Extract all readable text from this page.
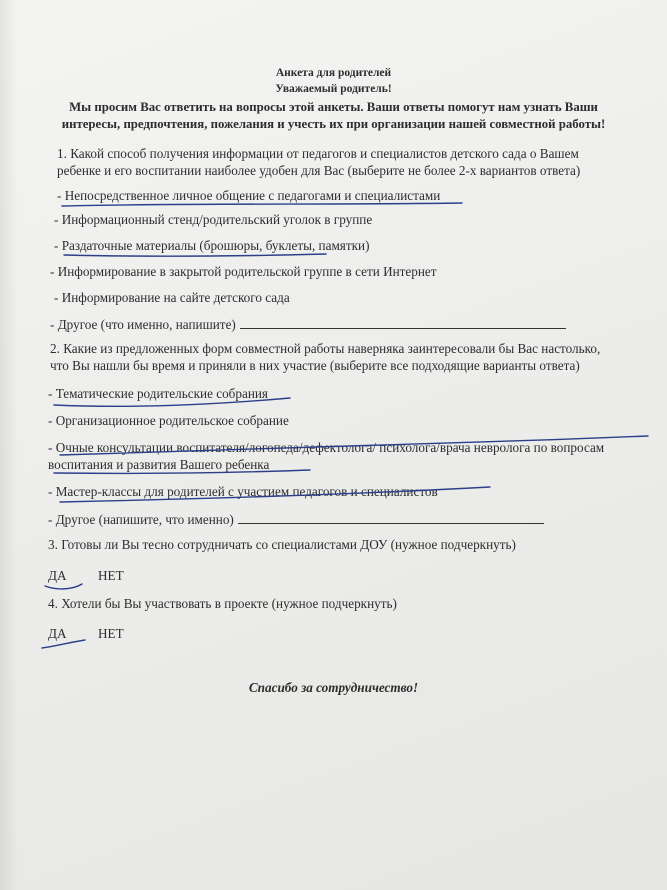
Анкета для родителей
Уважаемый родитель!
Мы просим Вас ответить на вопросы этой анкеты. Ваши ответы помогут нам узнать Ваши
интересы, предпочтения, пожелания и учесть их при организации нашей совместной работы!
1. Какой способ получения информации от педагогов и специалистов детского сада о Вашем
ребенке и его воспитании наиболее удобен для Вас (выберите не более 2-х вариантов ответа)
- Непосредственное личное общение с педагогами и специалистами
- Информационный стенд/родительский уголок в группе
- Раздаточные материалы (брошюры, буклеты, памятки)
- Информирование в закрытой родительской группе в сети Интернет
- Информирование на сайте детского сада
- Другое (что именно, напишите)
2. Какие из предложенных форм совместной работы наверняка заинтересовали бы Вас настолько,
что Вы нашли бы время и приняли в них участие (выберите все подходящие варианты ответа)
- Тематические родительские собрания
- Организационное родительское собрание
- Очные консультации воспитателя/логопеда/дефектолога/ психолога/врача невролога по вопросам
воспитания и развития Вашего ребенка
- Мастер-классы для родителей с участием педагогов и специалистов
- Другое (напишите, что именно)
3. Готовы ли Вы тесно сотрудничать со специалистами ДОУ (нужное подчеркнуть)
ДА НЕТ
4. Хотели бы Вы участвовать в проекте (нужное подчеркнуть)
ДА НЕТ
Спасибо за сотрудничество!
